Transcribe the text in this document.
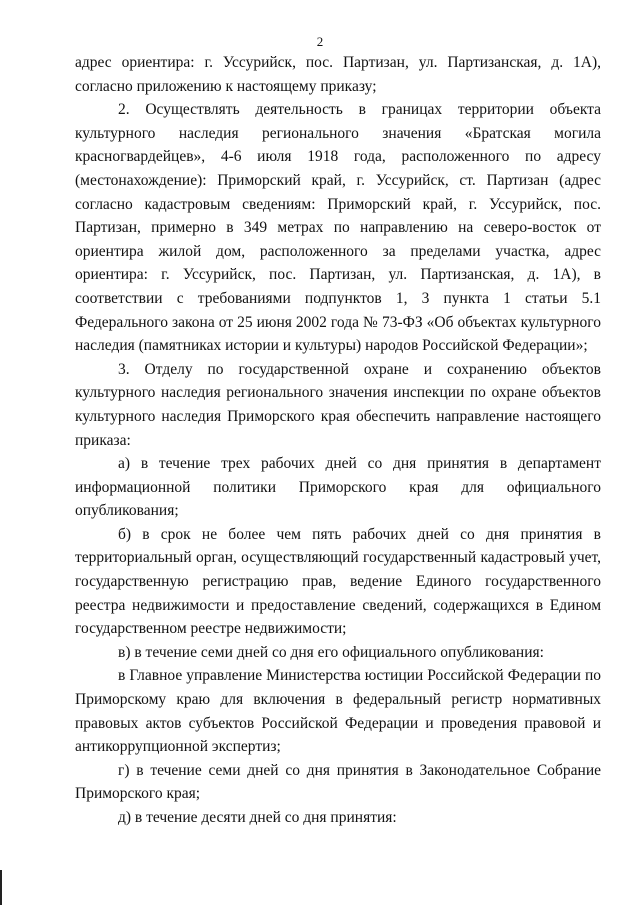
2

адрес ориентира: г. Уссурийск, пос. Партизан, ул. Партизанская, д. 1А), согласно приложению к настоящему приказу;

2. Осуществлять деятельность в границах территории объекта культурного наследия регионального значения «Братская могила красногвардейцев», 4-6 июля 1918 года, расположенного по адресу (местонахождение): Приморский край, г. Уссурийск, ст. Партизан (адрес согласно кадастровым сведениям: Приморский край, г. Уссурийск, пос. Партизан, примерно в 349 метрах по направлению на северо-восток от ориентира жилой дом, расположенного за пределами участка, адрес ориентира: г. Уссурийск, пос. Партизан, ул. Партизанская, д. 1А), в соответствии с требованиями подпунктов 1, 3 пункта 1 статьи 5.1 Федерального закона от 25 июня 2002 года № 73-ФЗ «Об объектах культурного наследия (памятниках истории и культуры) народов Российской Федерации»;

3. Отделу по государственной охране и сохранению объектов культурного наследия регионального значения инспекции по охране объектов культурного наследия Приморского края обеспечить направление настоящего приказа:

а) в течение трех рабочих дней со дня принятия в департамент информационной политики Приморского края для официального опубликования;

б) в срок не более чем пять рабочих дней со дня принятия в территориальный орган, осуществляющий государственный кадастровый учет, государственную регистрацию прав, ведение Единого государственного реестра недвижимости и предоставление сведений, содержащихся в Едином государственном реестре недвижимости;

в) в течение семи дней со дня его официального опубликования:

в Главное управление Министерства юстиции Российской Федерации по Приморскому краю для включения в федеральный регистр нормативных правовых актов субъектов Российской Федерации и проведения правовой и антикоррупционной экспертиз;

г) в течение семи дней со дня принятия в Законодательное Собрание Приморского края;

д) в течение десяти дней со дня принятия:
